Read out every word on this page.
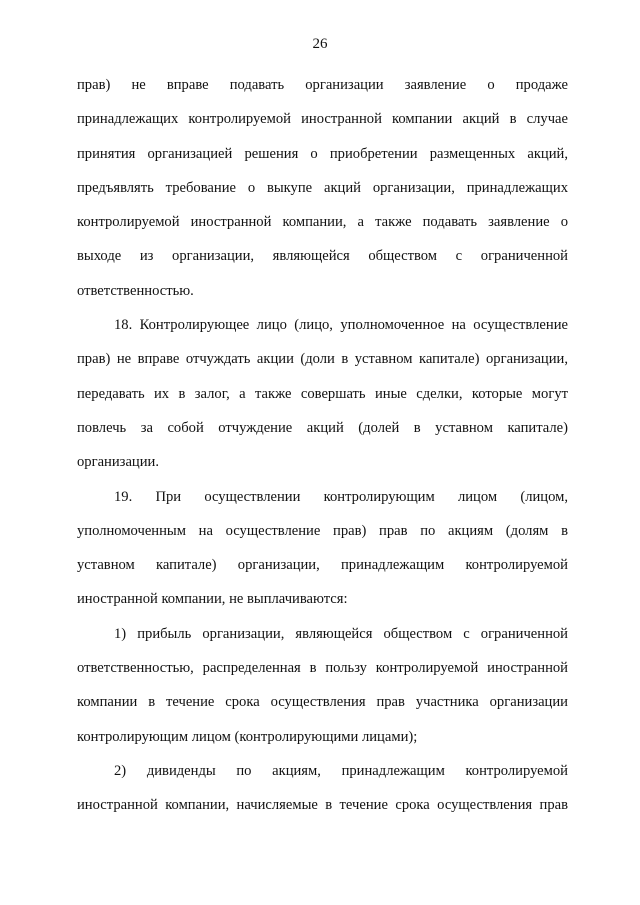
26
прав) не вправе подавать организации заявление о продаже
принадлежащих контролируемой иностранной компании акций в случае
принятия организацией решения о приобретении размещенных акций,
предъявлять требование о выкупе акций организации, принадлежащих
контролируемой иностранной компании, а также подавать заявление о
выходе из организации, являющейся обществом с ограниченной
ответственностью.
18. Контролирующее лицо (лицо, уполномоченное на осуществление
прав) не вправе отчуждать акции (доли в уставном капитале) организации,
передавать их в залог, а также совершать иные сделки, которые могут
повлечь за собой отчуждение акций (долей в уставном капитале)
организации.
19. При осуществлении контролирующим лицом (лицом,
уполномоченным на осуществление прав) прав по акциям (долям в
уставном капитале) организации, принадлежащим контролируемой
иностранной компании, не выплачиваются:
1) прибыль организации, являющейся обществом с ограниченной
ответственностью, распределенная в пользу контролируемой иностранной
компании в течение срока осуществления прав участника организации
контролирующим лицом (контролирующими лицами);
2) дивиденды по акциям, принадлежащим контролируемой
иностранной компании, начисляемые в течение срока осуществления прав
